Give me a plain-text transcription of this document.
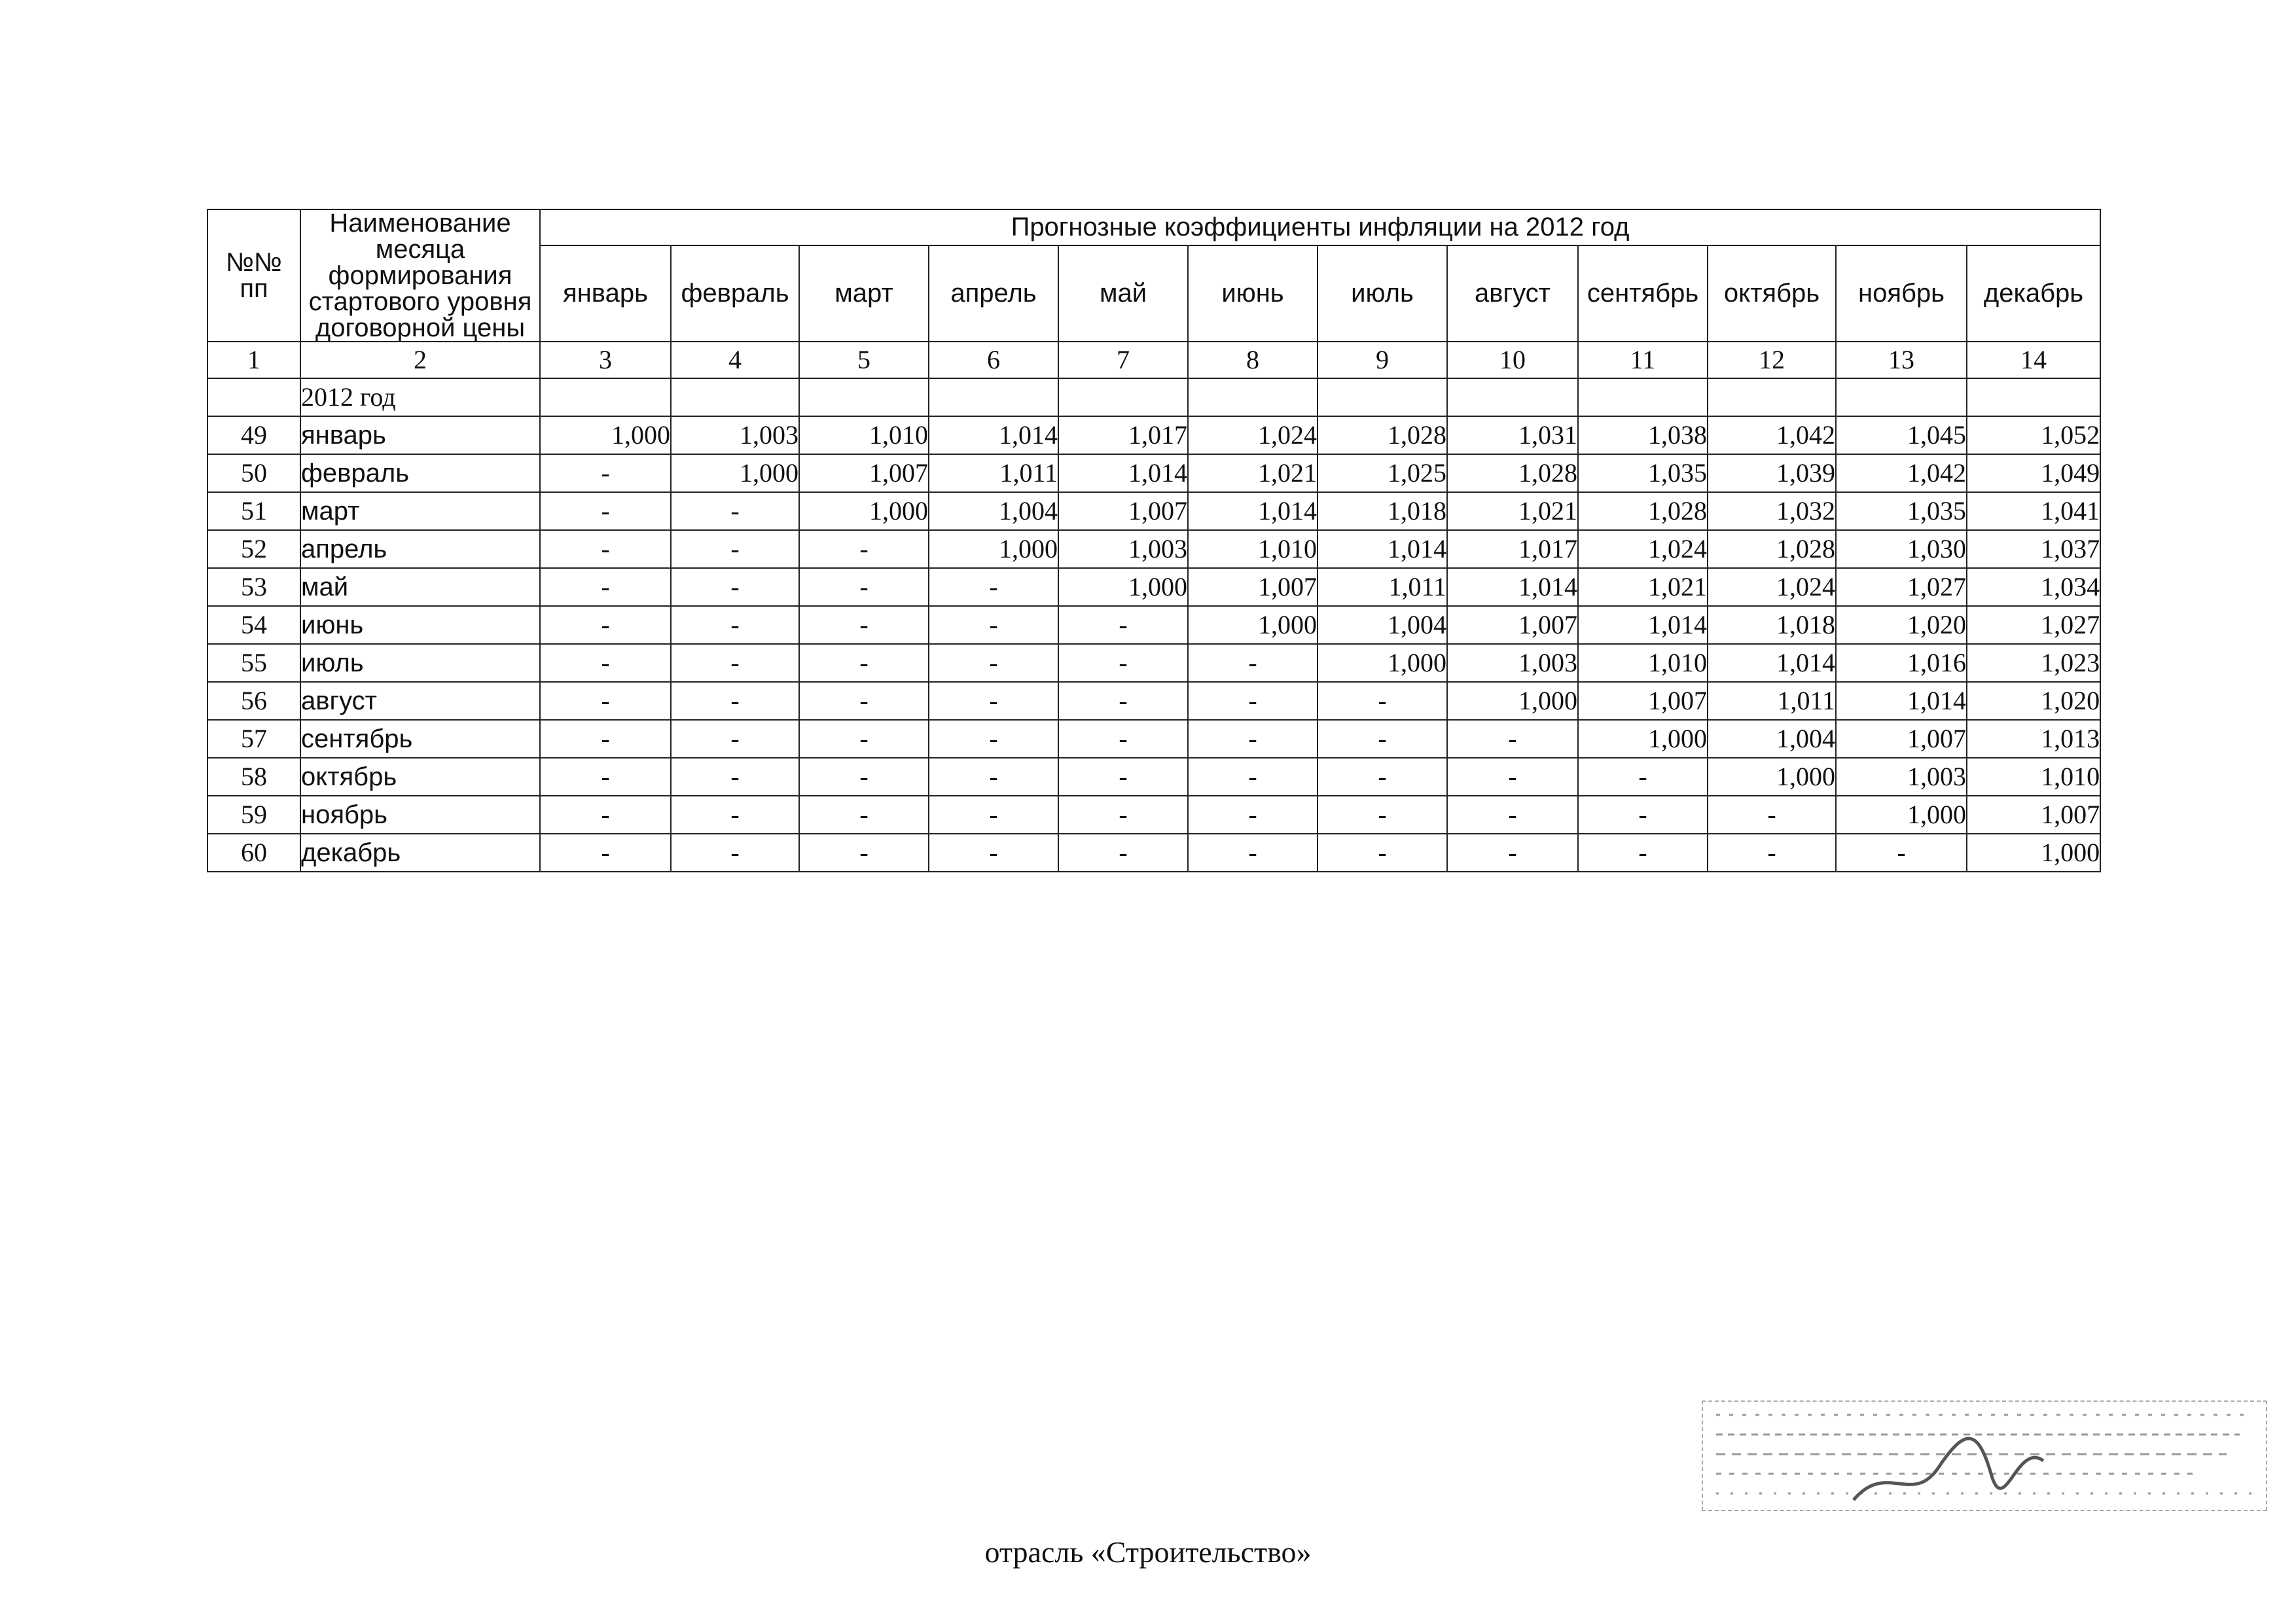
№№ пп	Наименование месяца формирования стартового уровня договорной цены	Прогнозные коэффициенты инфляции на 2012 год											
		январь	февраль	март	апрель	май	июнь	июль	август	сентябрь	октябрь	ноябрь	декабрь
1	2	3	4	5	6	7	8	9	10	11	12	13	14
	2012 год												
49	январь	1,000	1,003	1,010	1,014	1,017	1,024	1,028	1,031	1,038	1,042	1,045	1,052
50	февраль	-	1,000	1,007	1,011	1,014	1,021	1,025	1,028	1,035	1,039	1,042	1,049
51	март	-	-	1,000	1,004	1,007	1,014	1,018	1,021	1,028	1,032	1,035	1,041
52	апрель	-	-	-	1,000	1,003	1,010	1,014	1,017	1,024	1,028	1,030	1,037
53	май	-	-	-	-	1,000	1,007	1,011	1,014	1,021	1,024	1,027	1,034
54	июнь	-	-	-	-	-	1,000	1,004	1,007	1,014	1,018	1,020	1,027
55	июль	-	-	-	-	-	-	1,000	1,003	1,010	1,014	1,016	1,023
56	август	-	-	-	-	-	-	-	1,000	1,007	1,011	1,014	1,020
57	сентябрь	-	-	-	-	-	-	-	-	1,000	1,004	1,007	1,013
58	октябрь	-	-	-	-	-	-	-	-	-	1,000	1,003	1,010
59	ноябрь	-	-	-	-	-	-	-	-	-	-	1,000	1,007
60	декабрь	-	-	-	-	-	-	-	-	-	-	-	1,000
отрасль «Строительство»
